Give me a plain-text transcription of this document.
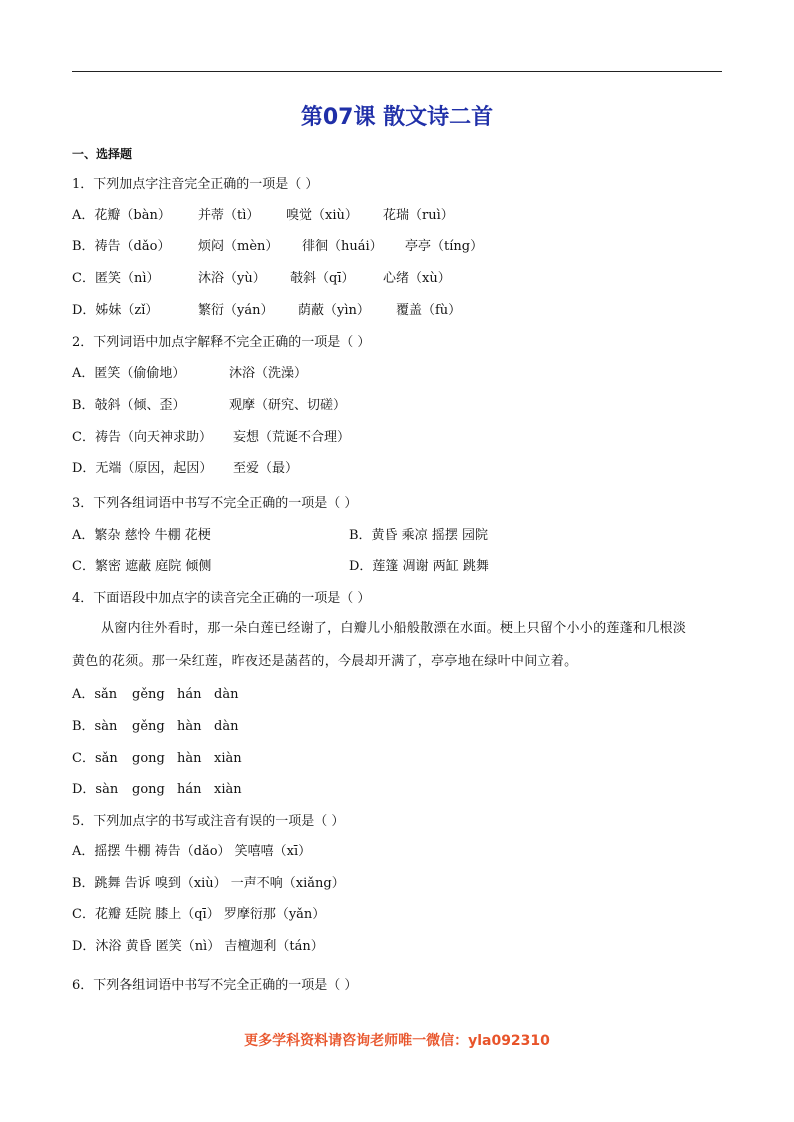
第07课 散文诗二首
一、选择题
1．下列加点字注音完全正确的一项是（ ）
A．花瓣（bàn） 并蒂（tì） 嗅觉（xiù） 花瑞（ruì）
B．祷告（dǎo） 烦闷（mèn） 徘徊（huái） 亭亭（tíng）
C．匿笑（nì）	沐浴（yù） 攲斜（qī） 心绪（xù）
D．姊妹（zǐ）	繁衍（yán） 荫蔽（yìn） 覆盖（fù）
2．下列词语中加点字解释不完全正确的一项是（ ）
A．匿笑（偷偷地）	沐浴（洗澡）
B．攲斜（倾、歪）	观摩（研究、切磋）
C．祷告（向天神求助） 妄想（荒诞不合理）
D．无端（原因，起因） 至爱（最）
3．下列各组词语中书写不完全正确的一项是（ ）
A．繁杂 慈怜 牛棚 花梗	B．黄昏 乘凉 摇摆 园院
C．繁密 遮蔽 庭院 倾侧	D．莲篷 凋谢 两缸 跳舞
4．下面语段中加点字的读音完全正确的一项是（ ）
从窗内往外看时，那一朵白莲已经谢了，白瓣儿小船般散漂在水面。梗上只留个小小的莲蓬和几根淡
黄色的花须。那一朵红莲，昨夜还是菡萏的，今晨却开满了，亭亭地在绿叶中间立着。
A．sǎn gěng hán dàn
B．sàn gěng hàn dàn
C．sǎn gong hàn xiàn
D．sàn gong hán xiàn
5．下列加点字的书写或注音有误的一项是（ ）
A．摇摆 牛棚 祷告（dǎo） 笑嘻嘻（xī）
B．跳舞 告诉 嗅到（xiù） 一声不响（xiǎng）
C．花瓣 廷院 膝上（qī） 罗摩衍那（yǎn）
D．沐浴 黄昏 匿笑（nì） 吉檀迦利（tán）
6．下列各组词语中书写不完全正确的一项是（ ）
更多学科资料请咨询老师唯一微信：yla092310
